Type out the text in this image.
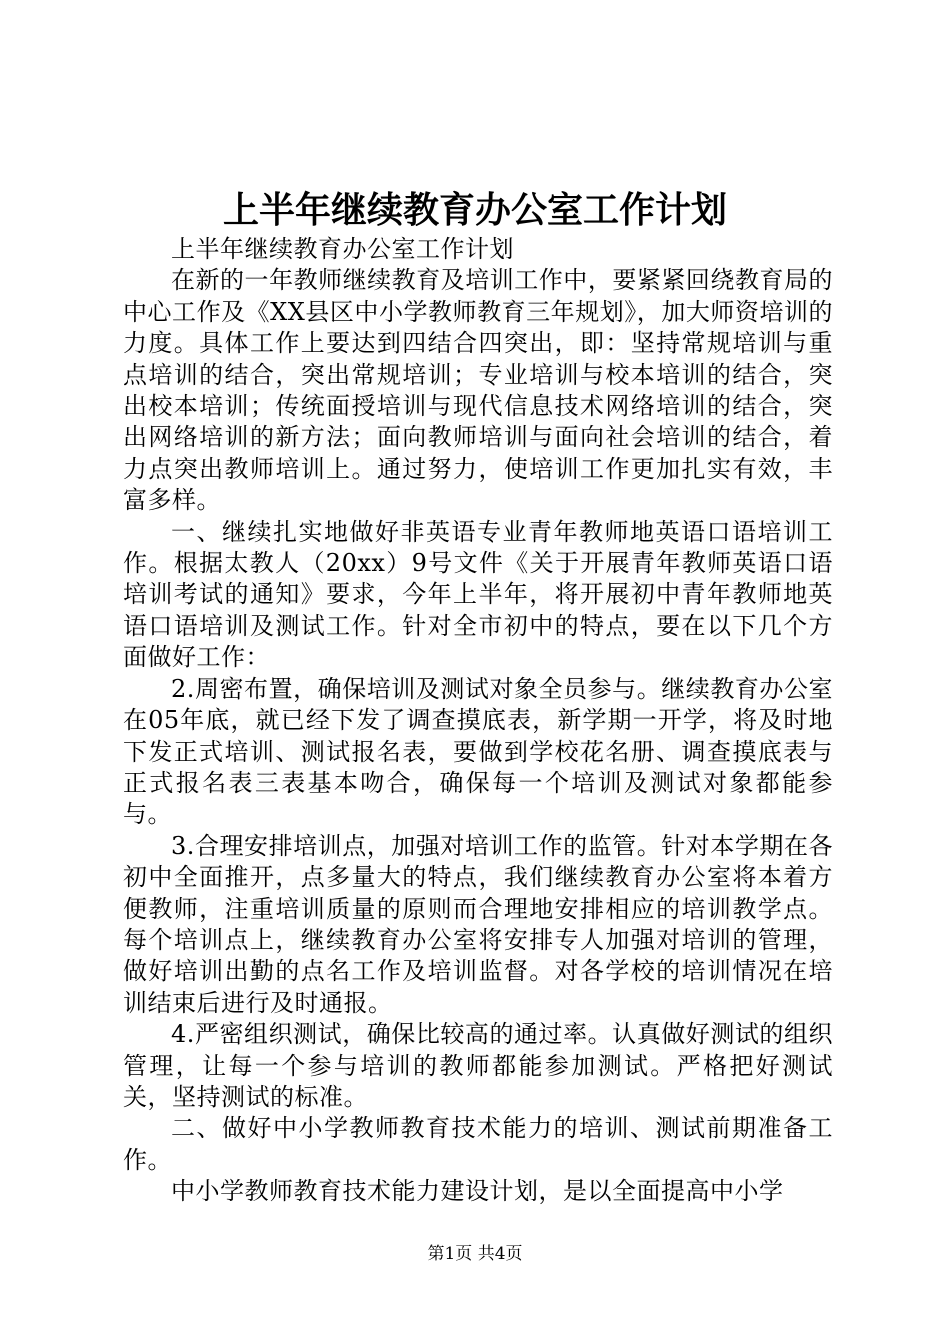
上半年继续教育办公室工作计划

上半年继续教育办公室工作计划

在新的一年教师继续教育及培训工作中，要紧紧回绕教育局的中心工作及《XX县区中小学教师教育三年规划》，加大师资培训的力度。具体工作上要达到四结合四突出，即：坚持常规培训与重点培训的结合，突出常规培训；专业培训与校本培训的结合，突出校本培训；传统面授培训与现代信息技术网络培训的结合，突出网络培训的新方法；面向教师培训与面向社会培训的结合，着力点突出教师培训上。通过努力，使培训工作更加扎实有效，丰富多样。

一、继续扎实地做好非英语专业青年教师地英语口语培训工作。根据太教人（20xx）9号文件《关于开展青年教师英语口语培训考试的通知》要求，今年上半年，将开展初中青年教师地英语口语培训及测试工作。针对全市初中的特点，要在以下几个方面做好工作：

2.周密布置，确保培训及测试对象全员参与。继续教育办公室在05年底，就已经下发了调查摸底表，新学期一开学，将及时地下发正式培训、测试报名表，要做到学校花名册、调查摸底表与正式报名表三表基本吻合，确保每一个培训及测试对象都能参与。

3.合理安排培训点，加强对培训工作的监管。针对本学期在各初中全面推开，点多量大的特点，我们继续教育办公室将本着方便教师，注重培训质量的原则而合理地安排相应的培训教学点。每个培训点上，继续教育办公室将安排专人加强对培训的管理，做好培训出勤的点名工作及培训监督。对各学校的培训情况在培训结束后进行及时通报。

4.严密组织测试，确保比较高的通过率。认真做好测试的组织管理，让每一个参与培训的教师都能参加测试。严格把好测试关，坚持测试的标准。

二、做好中小学教师教育技术能力的培训、测试前期准备工作。

中小学教师教育技术能力建设计划，是以全面提高中小学

第1页 共4页
